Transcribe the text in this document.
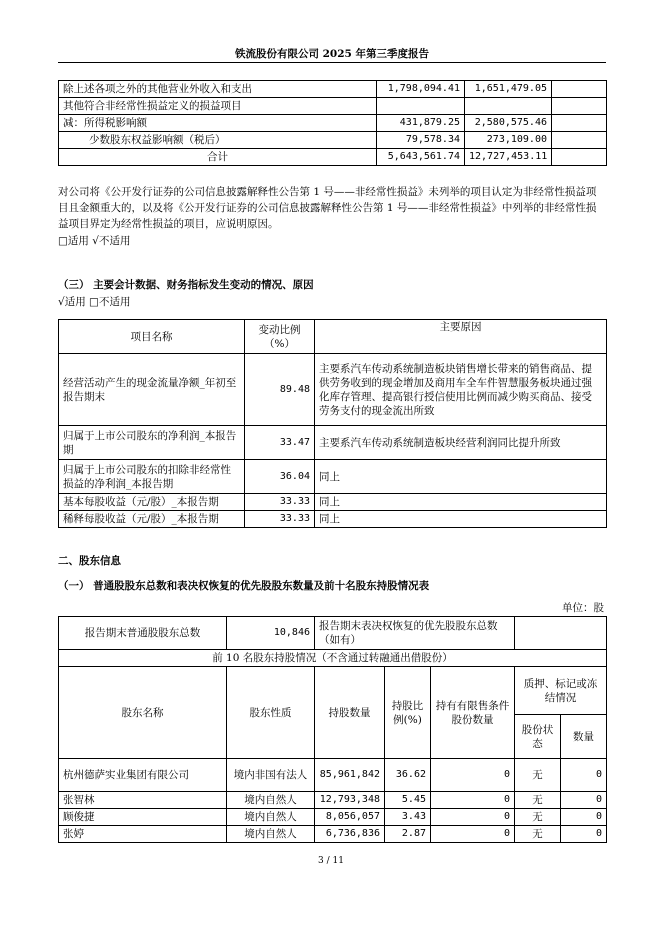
铁流股份有限公司 2025 年第三季度报告
除上述各项之外的其他营业外收入和支出	1,798,094.41	1,651,479.05	
其他符合非经常性损益定义的损益项目			
减：所得税影响额	431,879.25	2,580,575.46	
少数股东权益影响额（税后）	79,578.34	273,109.00	
合计	5,643,561.74	12,727,453.11	
对公司将《公开发行证券的公司信息披露解释性公告第 1 号——非经常性损益》未列举的项目认定为非经常性损益项目且金额重大的，以及将《公开发行证券的公司信息披露解释性公告第 1 号——非经常性损益》中列举的非经常性损益项目界定为经常性损益的项目，应说明原因。
□适用 √不适用
（三） 主要会计数据、财务指标发生变动的情况、原因
√适用 □不适用
项目名称	变动比例（%）	主要原因
经营活动产生的现金流量净额_年初至报告期末	89.48	主要系汽车传动系统制造板块销售增长带来的销售商品、提供劳务收到的现金增加及商用车全车件智慧服务板块通过强化库存管理、提高银行授信使用比例而减少购买商品、接受劳务支付的现金流出所致
归属于上市公司股东的净利润_本报告期	33.47	主要系汽车传动系统制造板块经营利润同比提升所致
归属于上市公司股东的扣除非经常性损益的净利润_本报告期	36.04	同上
基本每股收益（元/股）_本报告期	33.33	同上
稀释每股收益（元/股）_本报告期	33.33	同上
二、股东信息
（一） 普通股股东总数和表决权恢复的优先股股东数量及前十名股东持股情况表
单位：股
报告期末普通股股东总数	10,846	报告期末表决权恢复的优先股股东总数（如有）				
前 10 名股东持股情况（不含通过转融通出借股份）						
股东名称	股东性质	持股数量	持股比例(%)	持有有限售条件股份数量	质押、标记或冻结情况	
					股份状态	数量
杭州德萨实业集团有限公司	境内非国有法人	85,961,842	36.62	0	无	0
张智林	境内自然人	12,793,348	5.45	0	无	0
顾俊捷	境内自然人	8,056,057	3.43	0	无	0
张婷	境内自然人	6,736,836	2.87	0	无	0
3 / 11
